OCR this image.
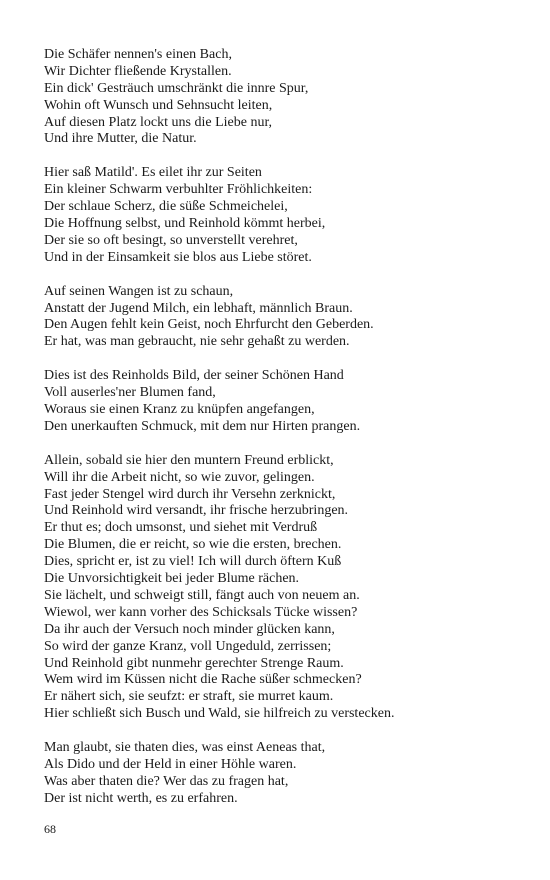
Die Schäfer nennen's einen Bach,
Wir Dichter fließende Krystallen.
Ein dick' Gesträuch umschränkt die innre Spur,
Wohin oft Wunsch und Sehnsucht leiten,
Auf diesen Platz lockt uns die Liebe nur,
Und ihre Mutter, die Natur.
Hier saß Matild'. Es eilet ihr zur Seiten
Ein kleiner Schwarm verbuhlter Fröhlichkeiten:
Der schlaue Scherz, die süße Schmeichelei,
Die Hoffnung selbst, und Reinhold kömmt herbei,
Der sie so oft besingt, so unverstellt verehret,
Und in der Einsamkeit sie blos aus Liebe störet.
Auf seinen Wangen ist zu schaun,
Anstatt der Jugend Milch, ein lebhaft, männlich Braun.
Den Augen fehlt kein Geist, noch Ehrfurcht den Geberden.
Er hat, was man gebraucht, nie sehr gehaßt zu werden.
Dies ist des Reinholds Bild, der seiner Schönen Hand
Voll auserles'ner Blumen fand,
Woraus sie einen Kranz zu knüpfen angefangen,
Den unerkauften Schmuck, mit dem nur Hirten prangen.
Allein, sobald sie hier den muntern Freund erblickt,
Will ihr die Arbeit nicht, so wie zuvor, gelingen.
Fast jeder Stengel wird durch ihr Versehn zerknickt,
Und Reinhold wird versandt, ihr frische herzubringen.
Er thut es; doch umsonst, und siehet mit Verdruß
Die Blumen, die er reicht, so wie die ersten, brechen.
Dies, spricht er, ist zu viel! Ich will durch öftern Kuß
Die Unvorsichtigkeit bei jeder Blume rächen.
Sie lächelt, und schweigt still, fängt auch von neuem an.
Wiewol, wer kann vorher des Schicksals Tücke wissen?
Da ihr auch der Versuch noch minder glücken kann,
So wird der ganze Kranz, voll Ungeduld, zerrissen;
Und Reinhold gibt nunmehr gerechter Strenge Raum.
Wem wird im Küssen nicht die Rache süßer schmecken?
Er nähert sich, sie seufzt: er straft, sie murret kaum.
Hier schließt sich Busch und Wald, sie hilfreich zu verstecken.
Man glaubt, sie thaten dies, was einst Aeneas that,
Als Dido und der Held in einer Höhle waren.
Was aber thaten die? Wer das zu fragen hat,
Der ist nicht werth, es zu erfahren.
68
